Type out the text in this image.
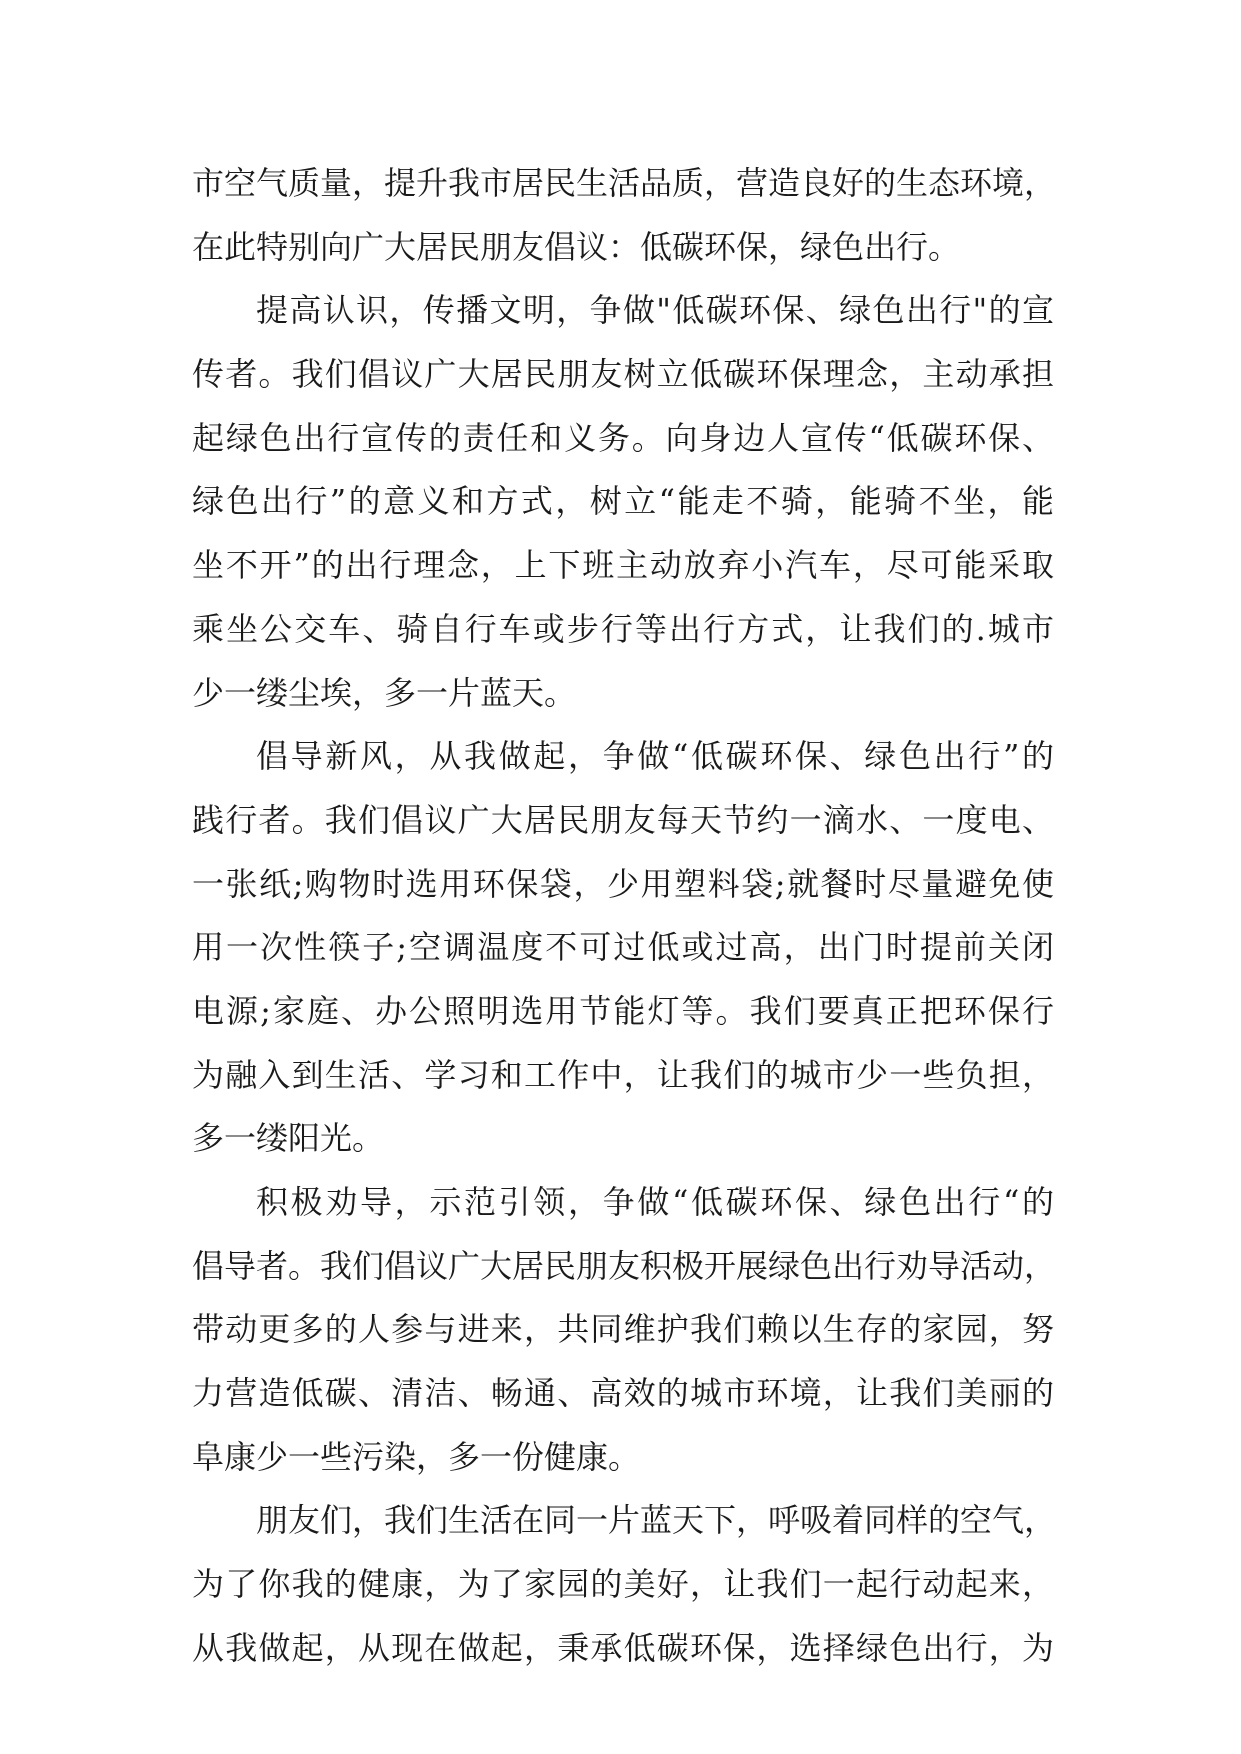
市空气质量，提升我市居民生活品质，营造良好的生态环境，
在此特别向广大居民朋友倡议：低碳环保，绿色出行。
提高认识，传播文明，争做"低碳环保、绿色出行"的宣
传者。我们倡议广大居民朋友树立低碳环保理念，主动承担
起绿色出行宣传的责任和义务。向身边人宣传“低碳环保、
绿色出行”的意义和方式，树立“能走不骑，能骑不坐，能
坐不开”的出行理念，上下班主动放弃小汽车，尽可能采取
乘坐公交车、骑自行车或步行等出行方式，让我们的.城市
少一缕尘埃，多一片蓝天。
倡导新风，从我做起，争做“低碳环保、绿色出行”的
践行者。我们倡议广大居民朋友每天节约一滴水、一度电、
一张纸;购物时选用环保袋，少用塑料袋;就餐时尽量避免使
用一次性筷子;空调温度不可过低或过高，出门时提前关闭
电源;家庭、办公照明选用节能灯等。我们要真正把环保行
为融入到生活、学习和工作中，让我们的城市少一些负担，
多一缕阳光。
积极劝导，示范引领，争做“低碳环保、绿色出行“的
倡导者。我们倡议广大居民朋友积极开展绿色出行劝导活动，
带动更多的人参与进来，共同维护我们赖以生存的家园，努
力营造低碳、清洁、畅通、高效的城市环境，让我们美丽的
阜康少一些污染，多一份健康。
朋友们，我们生活在同一片蓝天下，呼吸着同样的空气，
为了你我的健康，为了家园的美好，让我们一起行动起来，
从我做起，从现在做起，秉承低碳环保，选择绿色出行，为
